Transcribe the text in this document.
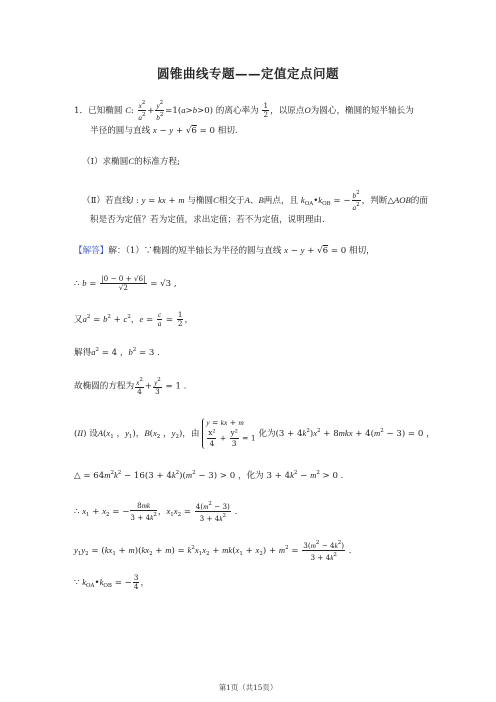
圆锥曲线专题——定值定点问题
1．已知椭圆 C: $\frac{x^2}{a^2} + \frac{y^2}{b^2} =1(a>b>0)$ 的离心率为 $\frac{1}{2}$ ，以原点O为圆心，椭圆的短半轴长为
半径的圆与直线 x − y + √6 = 0 相切.
（Ⅰ）求椭圆C的标准方程;
（Ⅱ）若直线l : y = kx + m 与椭圆C相交于A、B两点，且 $k_{OA}•k_{OB}$ = − $\frac{b^2}{a^2}$ ，判断△AOB的面
积是否为定值？若为定值，求出定值；若不为定值，说明理由.
【解答】解：（1）∵椭圆的短半轴长为半径的圆与直线 x − y + √6 = 0 相切，
∴ $b = \frac{|0 - 0 + √6|}{√2} = √3$ ,
又$a^2 = b^2 + c^2$，$e = \frac{c}{a} = \frac{1}{2}$ ，
解得$a^2 = 4$ ，$b^2 = 3$ .
故椭圆的方程为 $\frac{x^2}{4} + \frac{y^2}{3} = 1$ .
(II) 设$A(x_1$ ，$y_1$)，$B(x_2$ ，$y_2$)，由
y = kx + m
$\frac{\text{x²}}{4} + \frac{\text{y²}}{3} = 1$ 化为$(3 + 4k^2)x^2 + 8mkx + 4(m^2 - 3) = 0$ ，
△ = $64m^2k^2 - 16(3 + 4k^2)(m^2 - 3) > 0$ ，化为 $3 + 4k^2 - m^2 > 0$ .
∴ $x_1 + x_2$ = − $\frac{8mk}{3 + 4k^2}$ ，$x_1x_2 = \frac{4(m^2 - 3)}{3 + 4k^2}$ .
$y_1y_2 = (kx_1 + m)(kx_2 + m) = k^2x_1x_2 + mk(x_1 + x_2) + m^2 = \frac{3(m^2 - 4k^2)}{3 + 4k^2}$ .
∵ $k_{OA}•k_{OB}$ = − $\frac{3}{4}$ ，
第1页（共15页）
